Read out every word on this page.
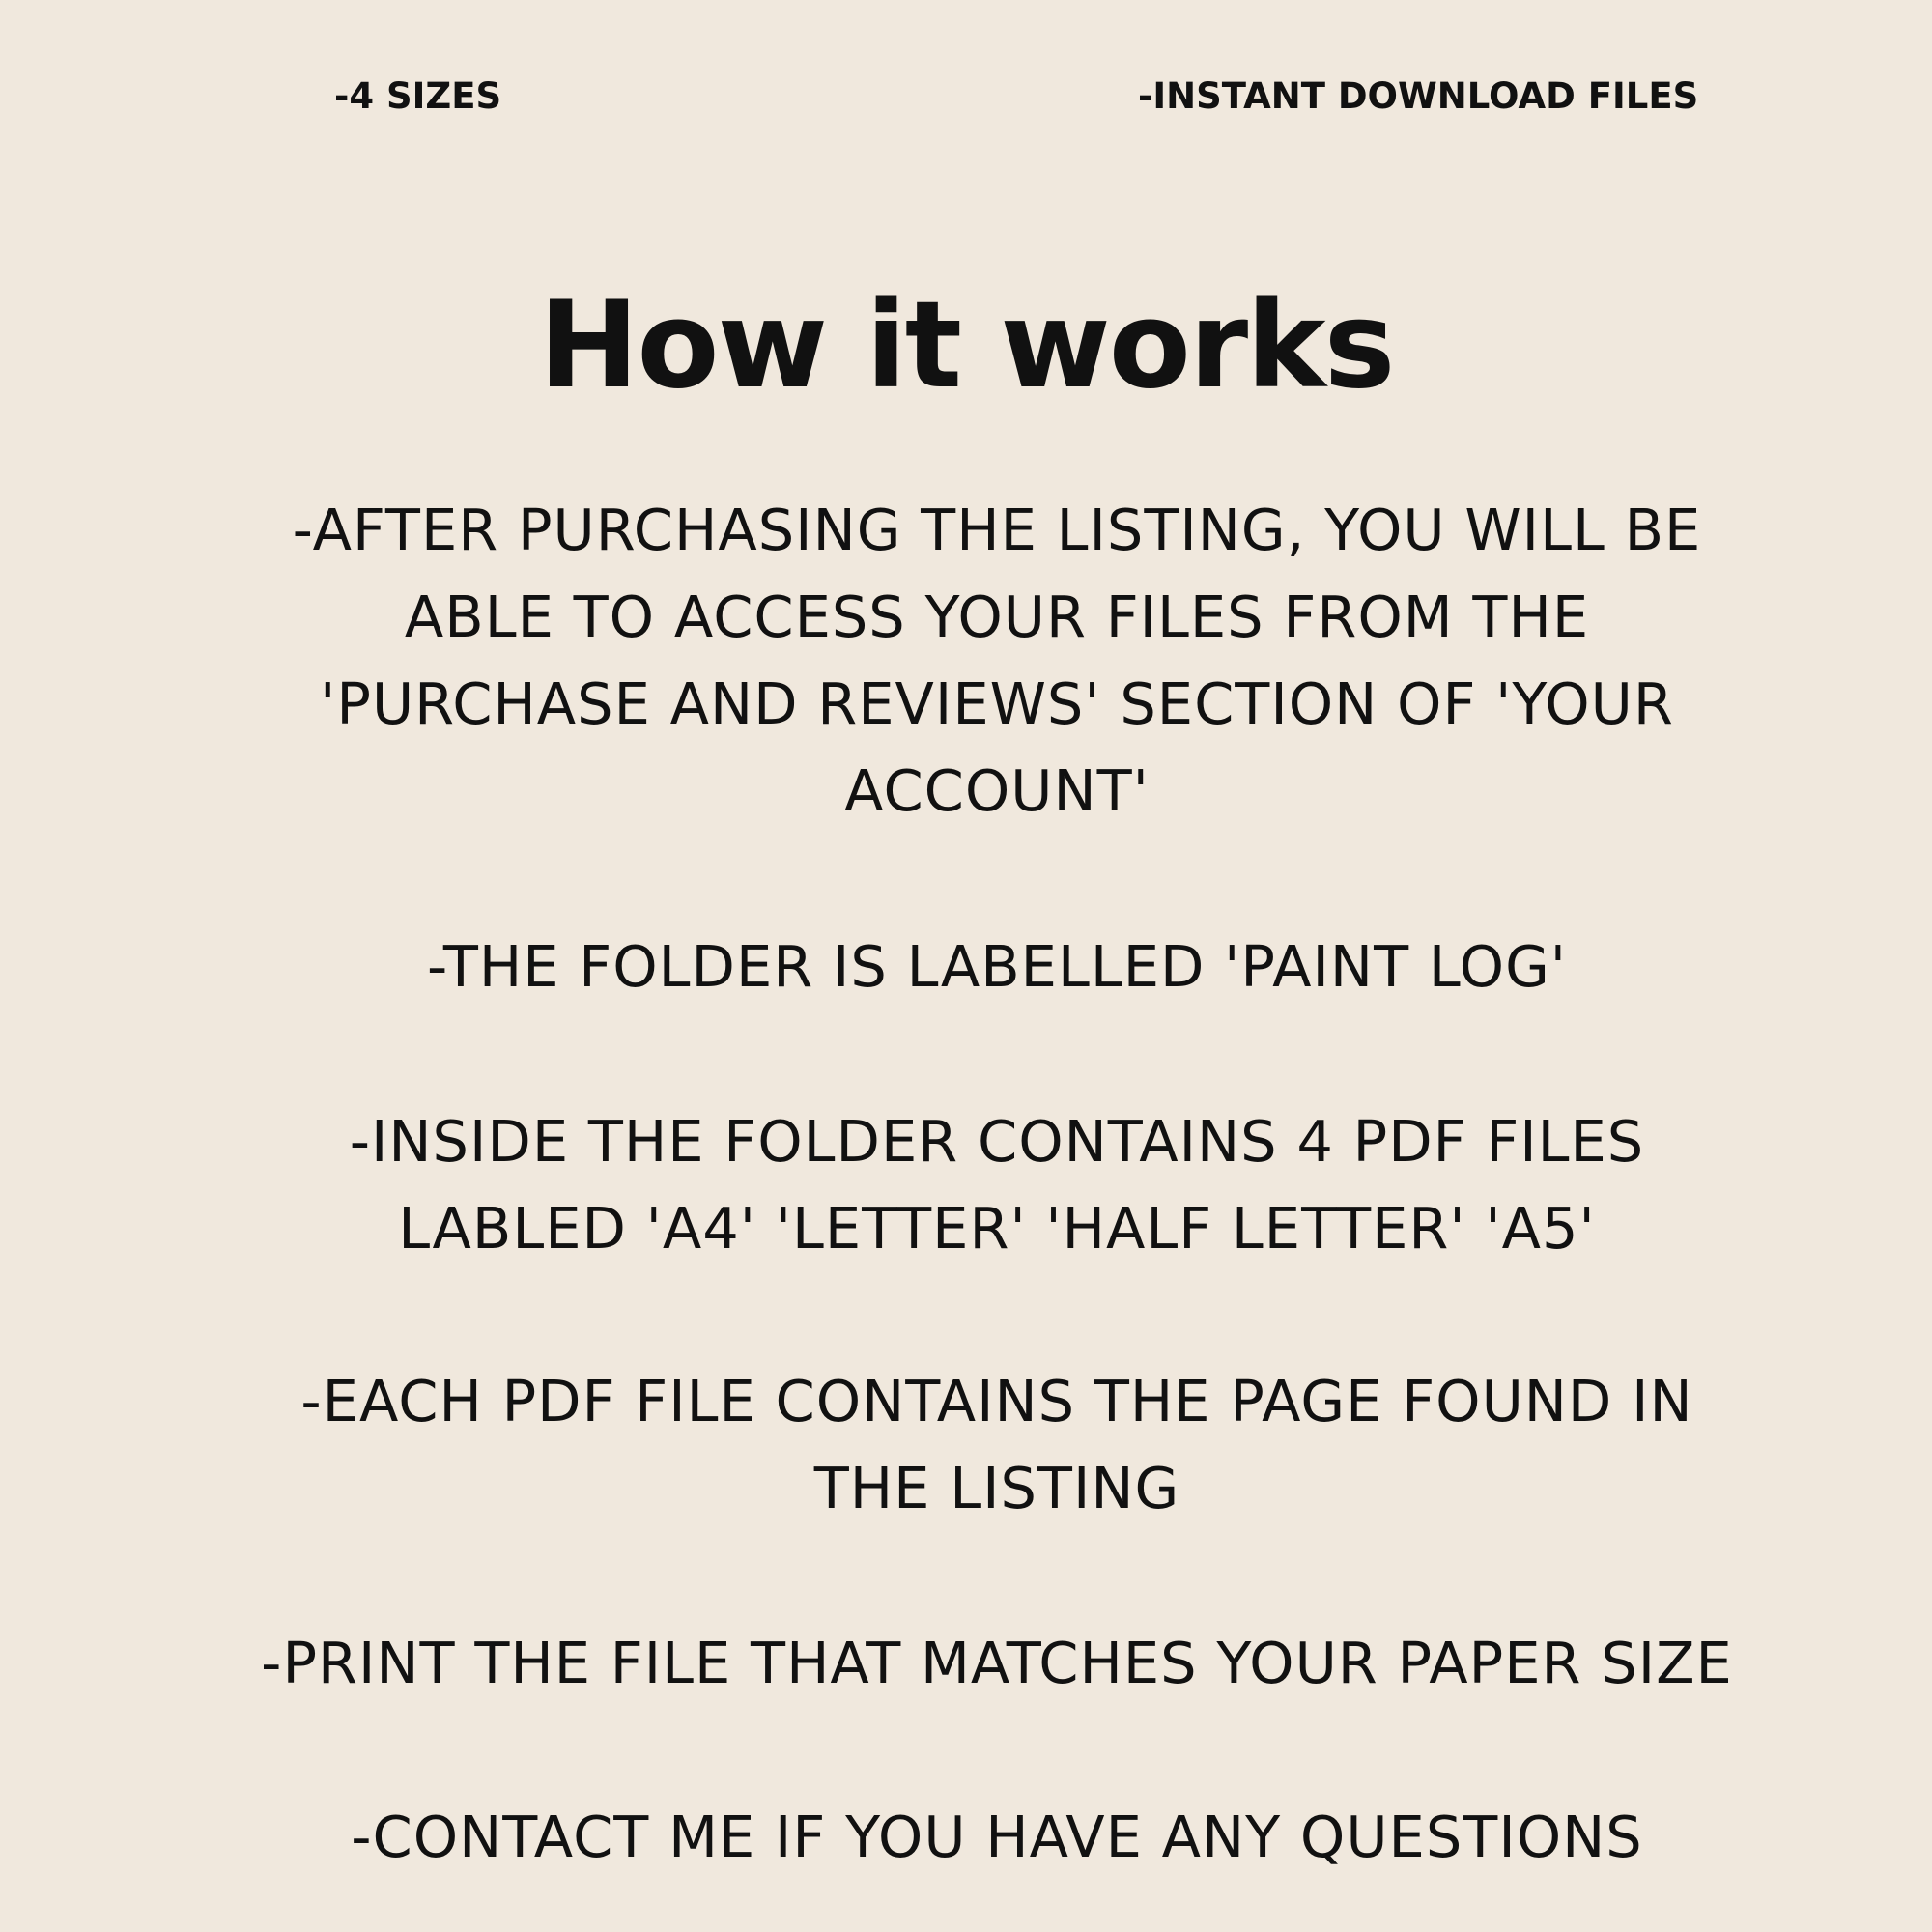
-4 SIZES	-INSTANT DOWNLOAD FILES
How it works
-AFTER PURCHASING THE LISTING, YOU WILL BE ABLE TO ACCESS YOUR FILES FROM THE 'PURCHASE AND REVIEWS' SECTION OF 'YOUR ACCOUNT'
-THE FOLDER IS LABELLED 'PAINT LOG'
-INSIDE THE FOLDER CONTAINS 4 PDF FILES LABLED 'A4' 'LETTER' 'HALF LETTER' 'A5'
-EACH PDF FILE CONTAINS THE PAGE FOUND IN THE LISTING
-PRINT THE FILE THAT MATCHES YOUR PAPER SIZE
-CONTACT ME IF YOU HAVE ANY QUESTIONS
